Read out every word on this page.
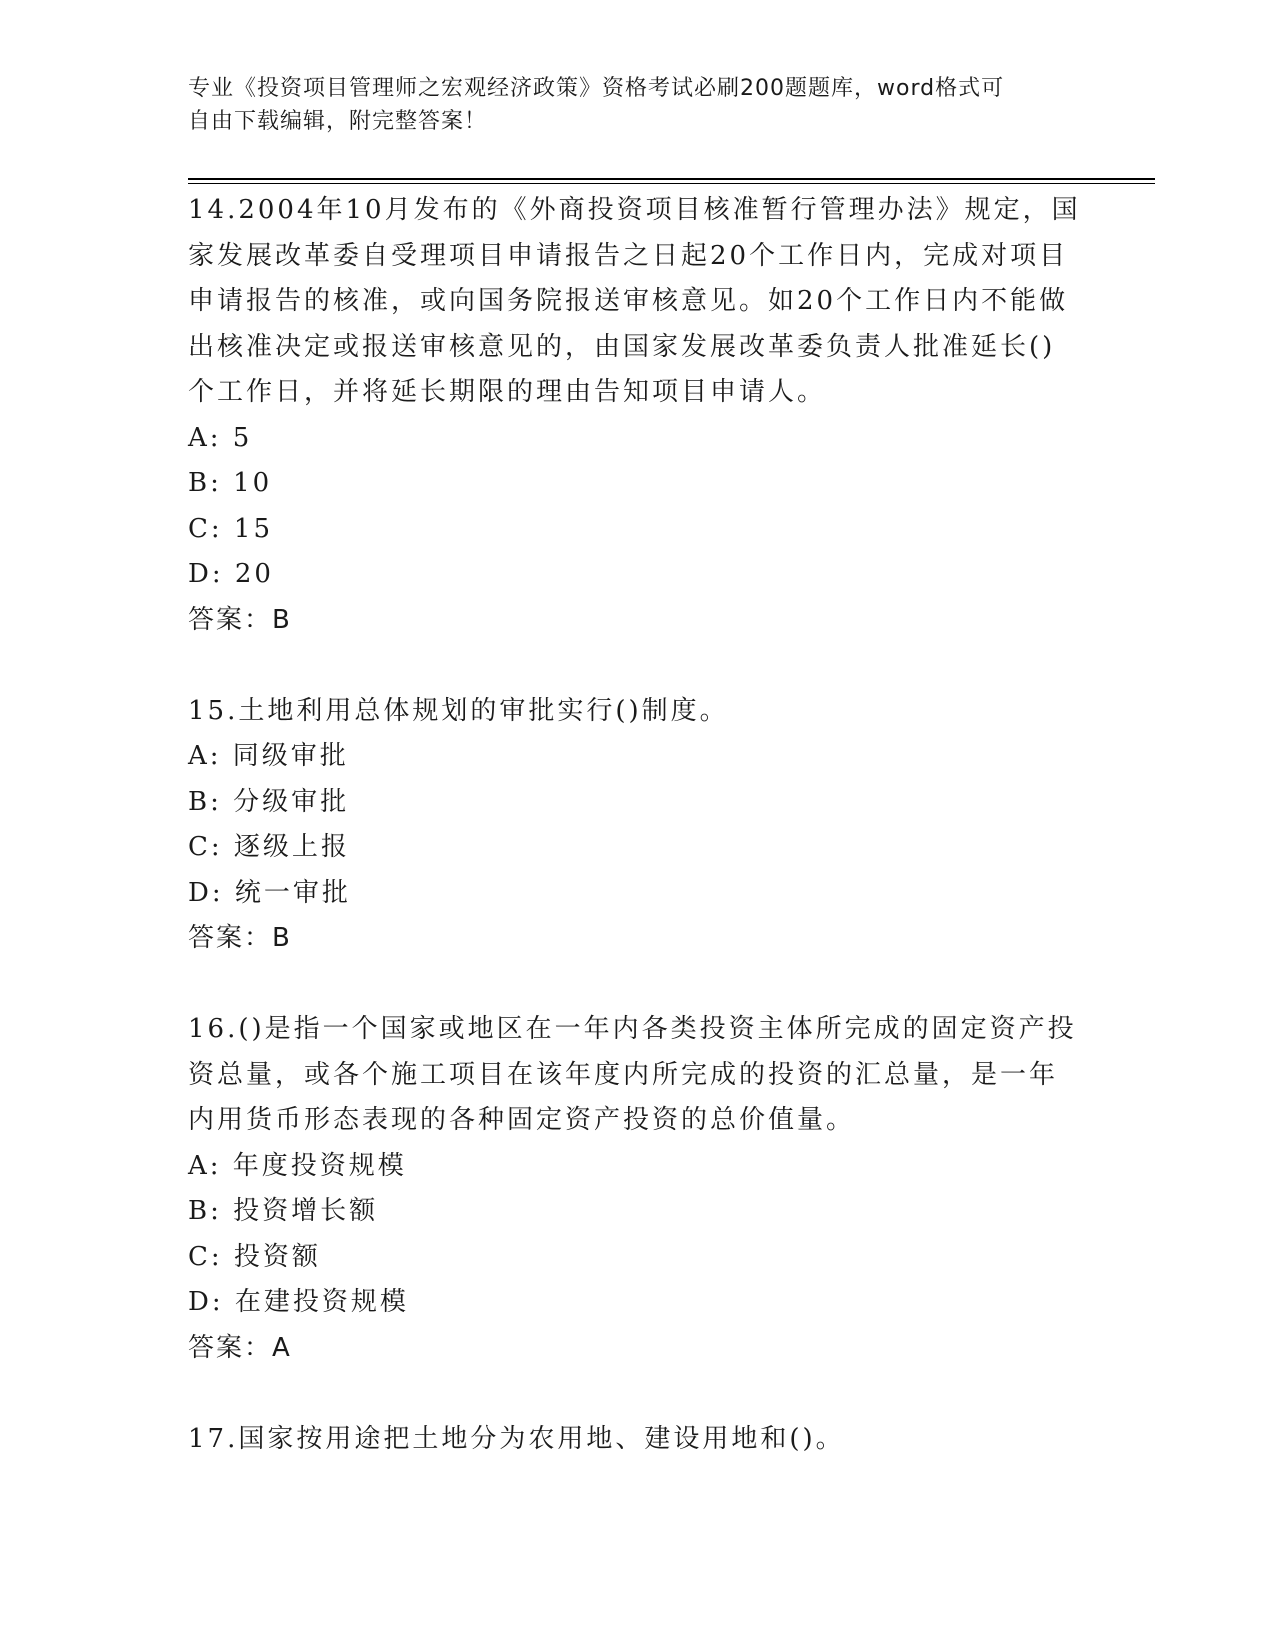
专业《投资项目管理师之宏观经济政策》资格考试必刷200题题库，word格式可
自由下载编辑，附完整答案！

14.2004年10月发布的《外商投资项目核准暂行管理办法》规定，国家发展改革委自受理项目申请报告之日起20个工作日内，完成对项目申请报告的核准，或向国务院报送审核意见。如20个工作日内不能做出核准决定或报送审核意见的，由国家发展改革委负责人批准延长()个工作日，并将延长期限的理由告知项目申请人。

A: 5

B: 10

C: 15

D: 20

答案：B

15.土地利用总体规划的审批实行()制度。

A: 同级审批

B: 分级审批

C: 逐级上报

D: 统一审批

答案：B

16.()是指一个国家或地区在一年内各类投资主体所完成的固定资产投资总量，或各个施工项目在该年度内所完成的投资的汇总量，是一年内用货币形态表现的各种固定资产投资的总价值量。

A: 年度投资规模

B: 投资增长额

C: 投资额

D: 在建投资规模

答案：A

17.国家按用途把土地分为农用地、建设用地和()。
